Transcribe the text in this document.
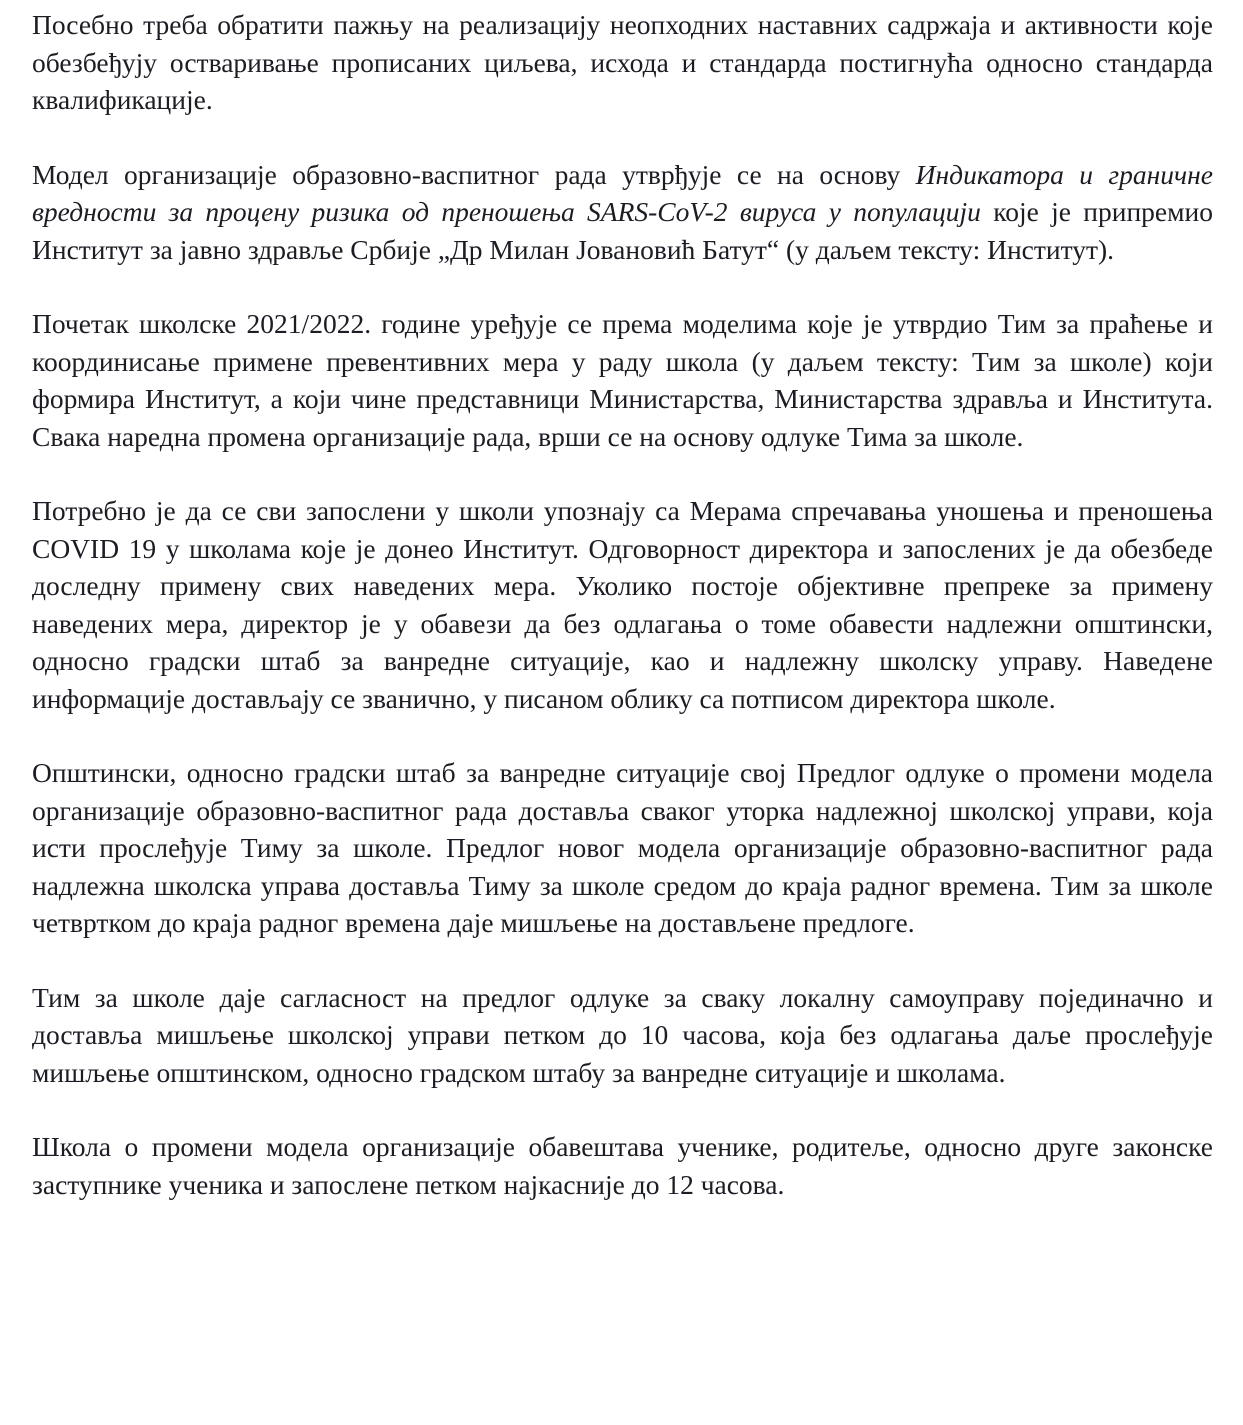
Посебно треба обратити пажњу на реализацију неопходних наставних садржаја и активности које обезбеђују остваривање прописаних циљева, исхода и стандарда постигнућа односно стандарда квалификације.

Модел организације образовно-васпитног рада утврђује се на основу Индикатора и граничне вредности за процену ризика од преношења SARS-CoV-2 вируса у популацији које је припремио Институт за јавно здравље Србије „Др Милан Јовановић Батут“ (у даљем тексту: Институт).

Почетак школске 2021/2022. године уређује се према моделима које је утврдио Тим за праћење и координисање примене превентивних мера у раду школа (у даљем тексту: Тим за школе) који формира Институт, а који чине представници Министарства, Министарства здравља и Института. Свака наредна промена организације рада, врши се на основу одлуке Тима за школе.

Потребно је да се сви запослени у школи упознају са Мерама спречавања уношења и преношења COVID 19 у школама које је донео Институт. Одговорност директора и запослених је да обезбеде доследну примену свих наведених мера. Уколико постоје објективне препреке за примену наведених мера, директор је у обавези да без одлагања о томе обавести надлежни општински, односно градски штаб за ванредне ситуације, као и надлежну школску управу. Наведене информације достављају се званично, у писаном облику са потписом директора школе.

Општински, односно градски штаб за ванредне ситуације свој Предлог одлуке о промени модела организације образовно-васпитног рада доставља сваког уторка надлежној школској управи, која исти прослеђује Тиму за школе. Предлог новог модела организације образовно-васпитног рада надлежна школска управа доставља Тиму за школе средом до краја радног времена. Тим за школе четвртком до краја радног времена даје мишљење на достављене предлоге.

Тим за школе даје сагласност на предлог одлуке за сваку локалну самоуправу појединачно и доставља мишљење школској управи петком до 10 часова, која без одлагања даље прослеђује мишљење општинском, односно градском штабу за ванредне ситуације и школама.

Школа о промени модела организације обавештава ученике, родитеље, односно друге законске заступнике ученика и запослене петком најкасније до 12 часова.
